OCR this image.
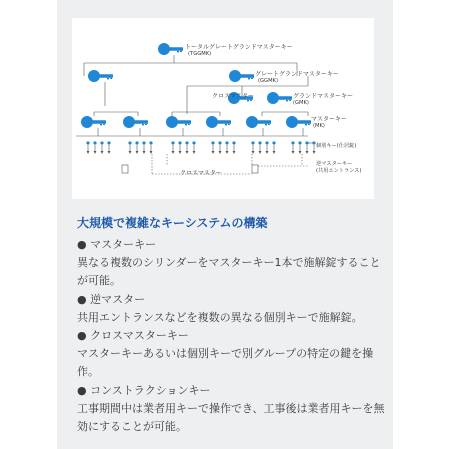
トータルグレートグランドマスターキー
(TGGMK)
グレートグランドマスターキー
(GGMK)
クロスマスター	グランドマスターキー
(GMK)
マスターキー
(MK)
個別キー(仕居錠)
逆マスターキー
(共用エントランス)
クロスマスター
大規模で複雑なキーシステムの構築

● マスターキー

異なる複数のシリンダーをマスターキー1本で施解錠することが可能。

● 逆マスター

共用エントランスなどを複数の異なる個別キーで施解錠。

● クロスマスターキー

マスターキーあるいは個別キーで別グループの特定の鍵を操作。

● コンストラクションキー

工事期間中は業者用キーで操作でき、工事後は業者用キーを無効にすることが可能。
